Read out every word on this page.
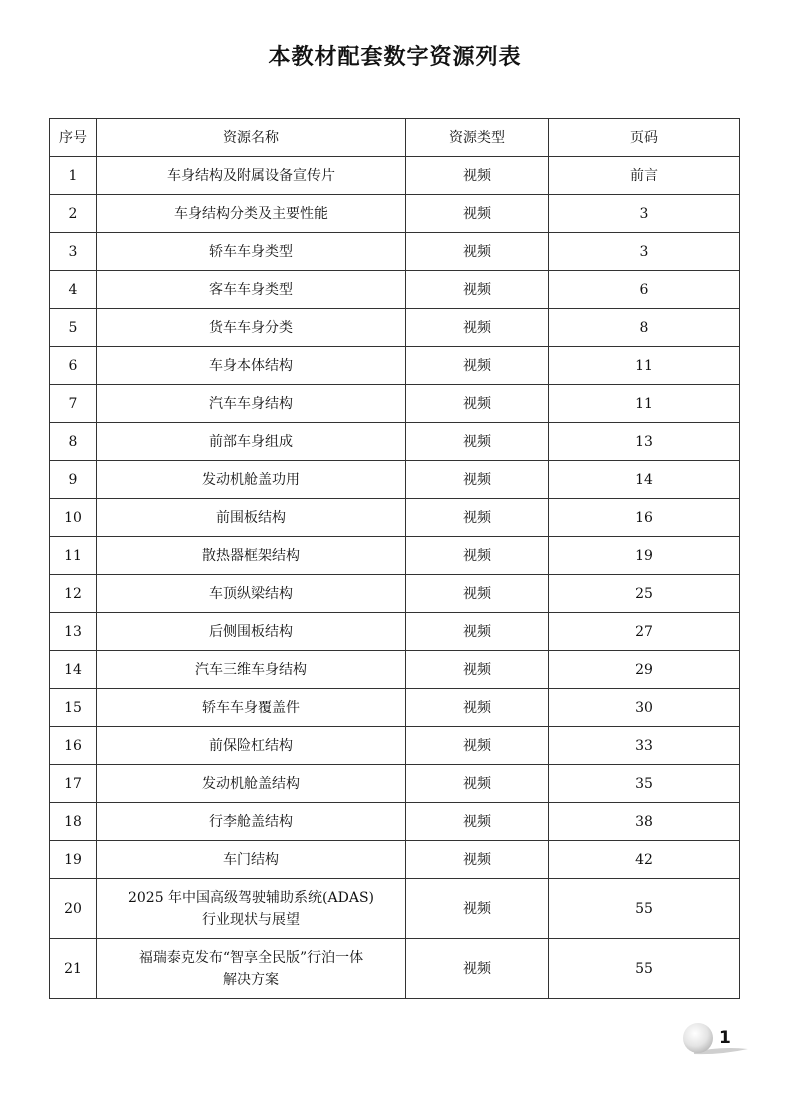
本教材配套数字资源列表
序号	资源名称	资源类型	页码
1	车身结构及附属设备宣传片	视频	前言
2	车身结构分类及主要性能	视频	3
3	轿车车身类型	视频	3
4	客车车身类型	视频	6
5	货车车身分类	视频	8
6	车身本体结构	视频	11
7	汽车车身结构	视频	11
8	前部车身组成	视频	13
9	发动机舱盖功用	视频	14
10	前围板结构	视频	16
11	散热器框架结构	视频	19
12	车顶纵梁结构	视频	25
13	后侧围板结构	视频	27
14	汽车三维车身结构	视频	29
15	轿车车身覆盖件	视频	30
16	前保险杠结构	视频	33
17	发动机舱盖结构	视频	35
18	行李舱盖结构	视频	38
19	车门结构	视频	42
20	2025 年中国高级驾驶辅助系统(ADAS)
行业现状与展望	视频	55
21	福瑞泰克发布“智享全民版”行泊一体
解决方案	视频	55
1
